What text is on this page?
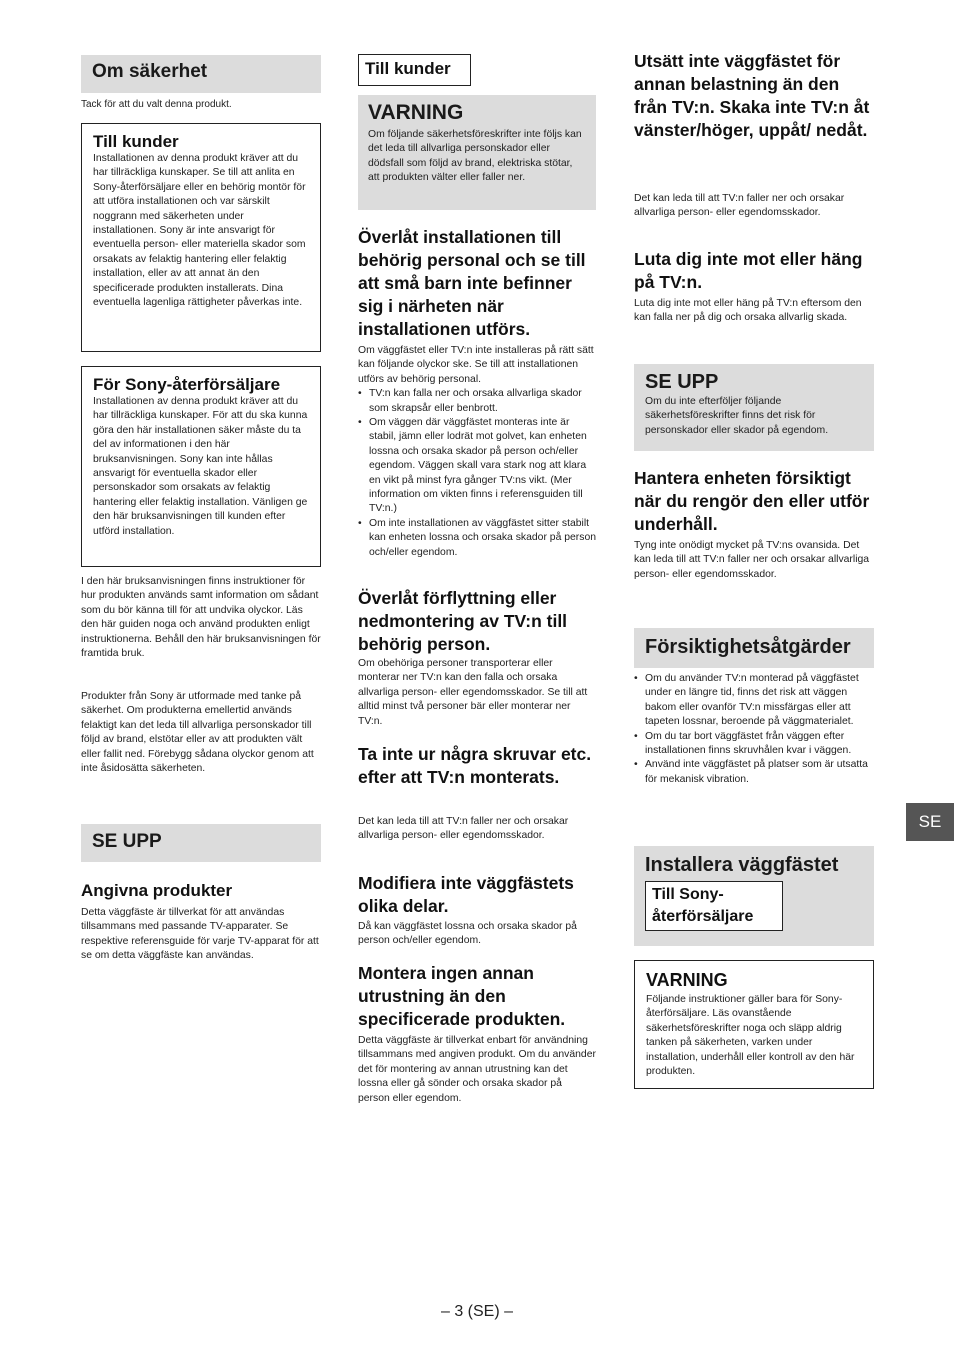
Om säkerhet

Tack för att du valt denna produkt.

Till kunder

Installationen av denna produkt kräver att du har tillräckliga kunskaper. Se till att anlita en Sony-återförsäljare eller en behörig montör för att utföra installationen och var särskilt noggrann med säkerheten under installationen. Sony är inte ansvarigt för eventuella person- eller materiella skador som orsakats av felaktig hantering eller felaktig installation, eller av att annat än den specificerade produkten installerats. Dina eventuella lagenliga rättigheter påverkas inte.

För Sony-återförsäljare

Installationen av denna produkt kräver att du har tillräckliga kunskaper. För att du ska kunna göra den här installationen säker måste du ta del av informationen i den här bruksanvisningen. Sony kan inte hållas ansvarigt för eventuella skador eller personskador som orsakats av felaktig hantering eller felaktig installation. Vänligen ge den här bruksanvisningen till kunden efter utförd installation.

I den här bruksanvisningen finns instruktioner för hur produkten används samt information om sådant som du bör känna till för att undvika olyckor. Läs den här guiden noga och använd produkten enligt instruktionerna. Behåll den här bruksanvisningen för framtida bruk.

Produkter från Sony är utformade med tanke på säkerhet. Om produkterna emellertid används felaktigt kan det leda till allvarliga personskador till följd av brand, elstötar eller av att produkten vält eller fallit ned. Förebygg sådana olyckor genom att inte åsidosätta säkerheten.

SE UPP
Angivna produkter

Detta väggfäste är tillverkat för att användas tillsammans med passande TV-apparater. Se respektive referensguide för varje TV-apparat för att se om detta väggfäste kan användas.

Till kunder
VARNING

Om följande säkerhetsföreskrifter inte följs kan det leda till allvarliga personskador eller dödsfall som följd av brand, elektriska stötar, att produkten välter eller faller ner.

Överlåt installationen till behörig personal och se till att små barn inte befinner sig i närheten när installationen utförs.

Om väggfästet eller TV:n inte installeras på rätt sätt kan följande olyckor ske. Se till att installationen utförs av behörig personal.

• TV:n kan falla ner och orsaka allvarliga skador som skrapsår eller benbrott.
• Om väggen där väggfästet monteras inte är stabil, jämn eller lodrät mot golvet, kan enheten lossna och orsaka skador på person och/eller egendom. Väggen skall vara stark nog att klara en vikt på minst fyra gånger TV:ns vikt. (Mer information om vikten finns i referensguiden till TV:n.)
• Om inte installationen av väggfästet sitter stabilt kan enheten lossna och orsaka skador på person och/eller egendom.
Överlåt förflyttning eller nedmontering av TV:n till behörig person.

Om obehöriga personer transporterar eller monterar ner TV:n kan den falla och orsaka allvarliga person- eller egendomsskador. Se till att alltid minst två personer bär eller monterar ner TV:n.

Ta inte ur några skruvar etc. efter att TV:n monterats.

Det kan leda till att TV:n faller ner och orsakar allvarliga person- eller egendomsskador.

Modifiera inte väggfästets olika delar.

Då kan väggfästet lossna och orsaka skador på person och/eller egendom.

Montera ingen annan utrustning än den specificerade produkten.

Detta väggfäste är tillverkat enbart för användning tillsammans med angiven produkt. Om du använder det för montering av annan utrustning kan det lossna eller gå sönder och orsaka skador på person eller egendom.

Utsätt inte väggfästet för annan belastning än den från TV:n. Skaka inte TV:n åt vänster/höger, uppåt/ nedåt.

Det kan leda till att TV:n faller ner och orsakar allvarliga person- eller egendomsskador.

Luta dig inte mot eller häng på TV:n.

Luta dig inte mot eller häng på TV:n eftersom den kan falla ner på dig och orsaka allvarlig skada.

SE UPP

Om du inte efterföljer följande säkerhetsföreskrifter finns det risk för personskador eller skador på egendom.

Hantera enheten försiktigt när du rengör den eller utför underhåll.

Tyng inte onödigt mycket på TV:ns ovansida. Det kan leda till att TV:n faller ner och orsakar allvarliga person- eller egendomsskador.

Försiktighetsåtgärder
• Om du använder TV:n monterad på väggfästet under en längre tid, finns det risk att väggen bakom eller ovanför TV:n missfärgas eller att tapeten lossnar, beroende på väggmaterialet.
• Om du tar bort väggfästet från väggen efter installationen finns skruvhålen kvar i väggen.
• Använd inte väggfästet på platser som är utsatta för mekanisk vibration.
Installera väggfästet
Till Sony-återförsäljare
VARNING

Följande instruktioner gäller bara för Sony-återförsäljare. Läs ovanstående säkerhetsföreskrifter noga och släpp aldrig tanken på säkerheten, varken under installation, underhåll eller kontroll av den här produkten.

SE
– 3 (SE) –
